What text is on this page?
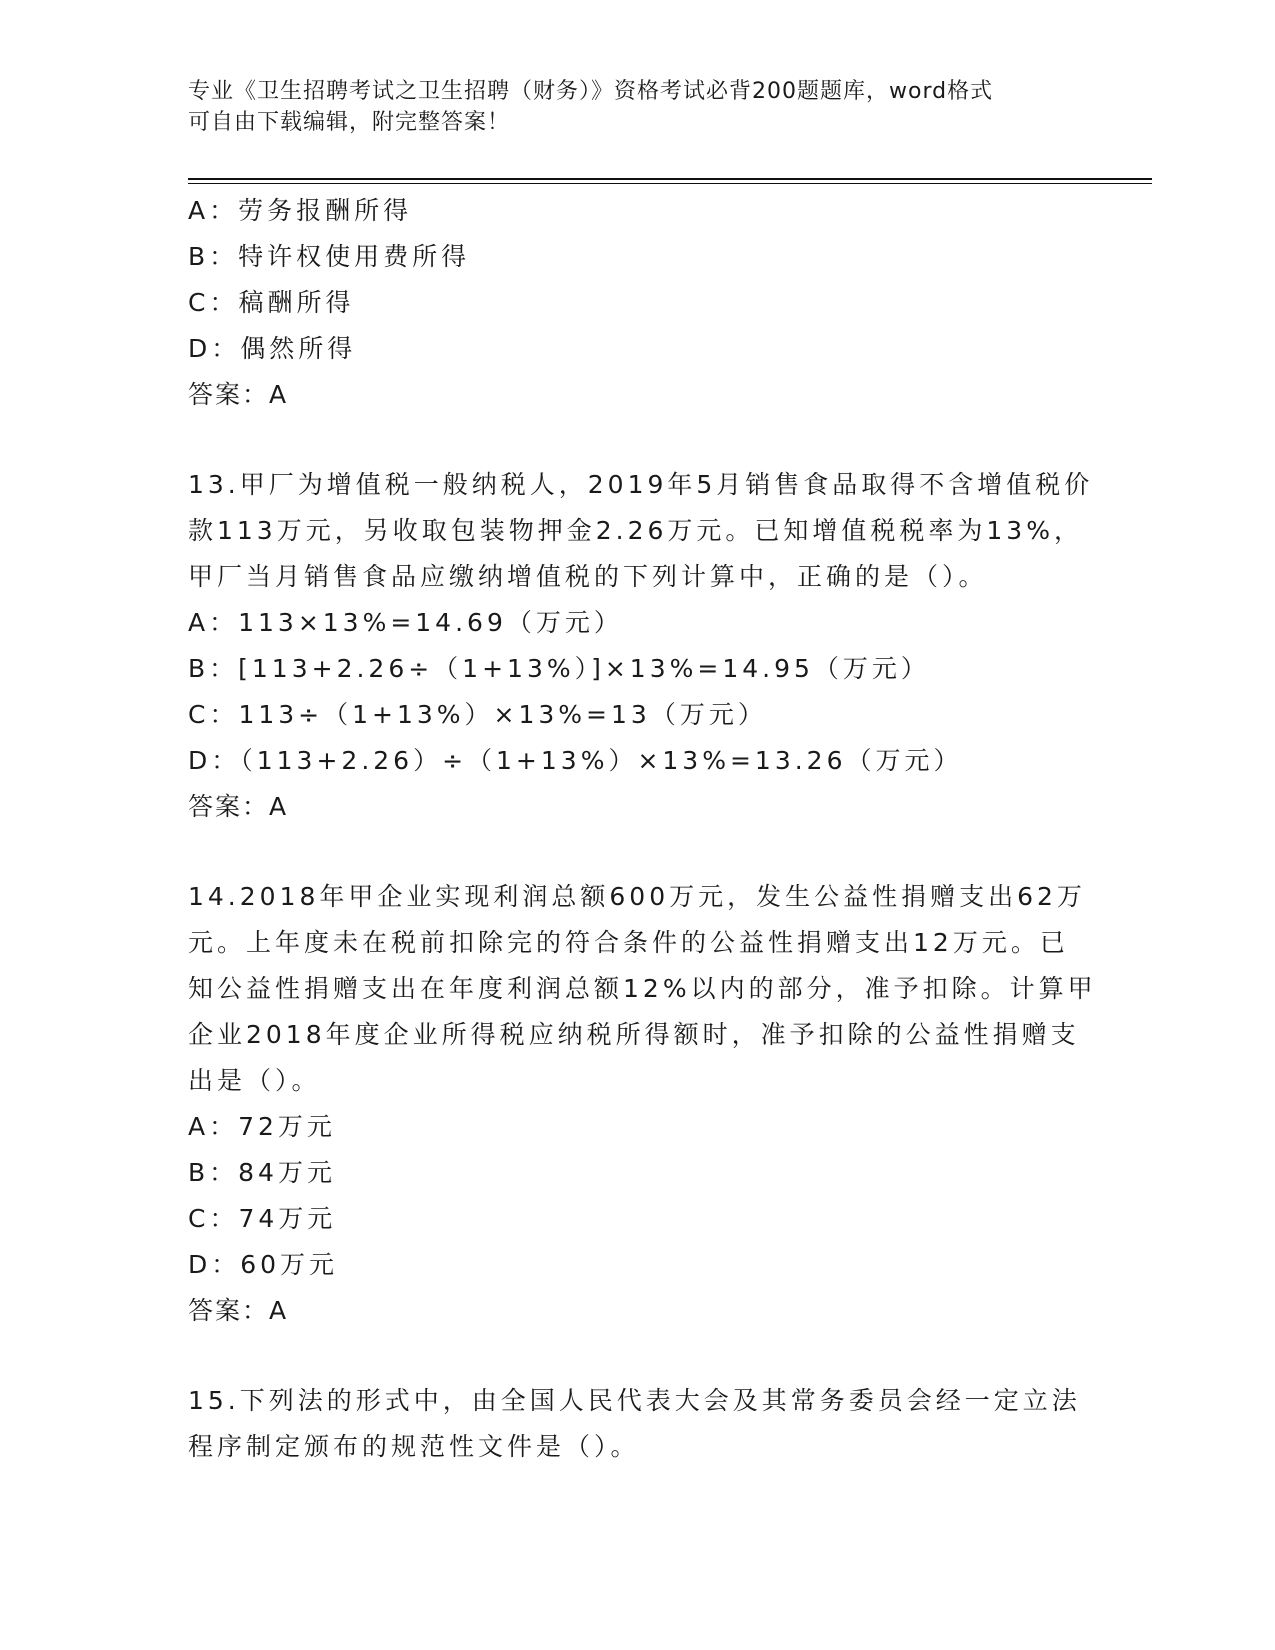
专业《卫生招聘考试之卫生招聘（财务）》资格考试必背200题题库，word格式
可自由下载编辑，附完整答案！
A：劳务报酬所得
B：特许权使用费所得
C：稿酬所得
D：偶然所得
答案：A
13.甲厂为增值税一般纳税人，2019年5月销售食品取得不含增值税价
款113万元，另收取包装物押金2.26万元。已知增值税税率为13%，
甲厂当月销售食品应缴纳增值税的下列计算中，正确的是（）。
A：113×13%=14.69（万元）
B：[113+2.26÷（1+13%）]×13%=14.95（万元）
C：113÷（1+13%）×13%=13（万元）
D：（113+2.26）÷（1+13%）×13%=13.26（万元）
答案：A
14.2018年甲企业实现利润总额600万元，发生公益性捐赠支出62万
元。上年度未在税前扣除完的符合条件的公益性捐赠支出12万元。已
知公益性捐赠支出在年度利润总额12%以内的部分，准予扣除。计算甲
企业2018年度企业所得税应纳税所得额时，准予扣除的公益性捐赠支
出是（）。
A：72万元
B：84万元
C：74万元
D：60万元
答案：A
15.下列法的形式中，由全国人民代表大会及其常务委员会经一定立法
程序制定颁布的规范性文件是（）。
